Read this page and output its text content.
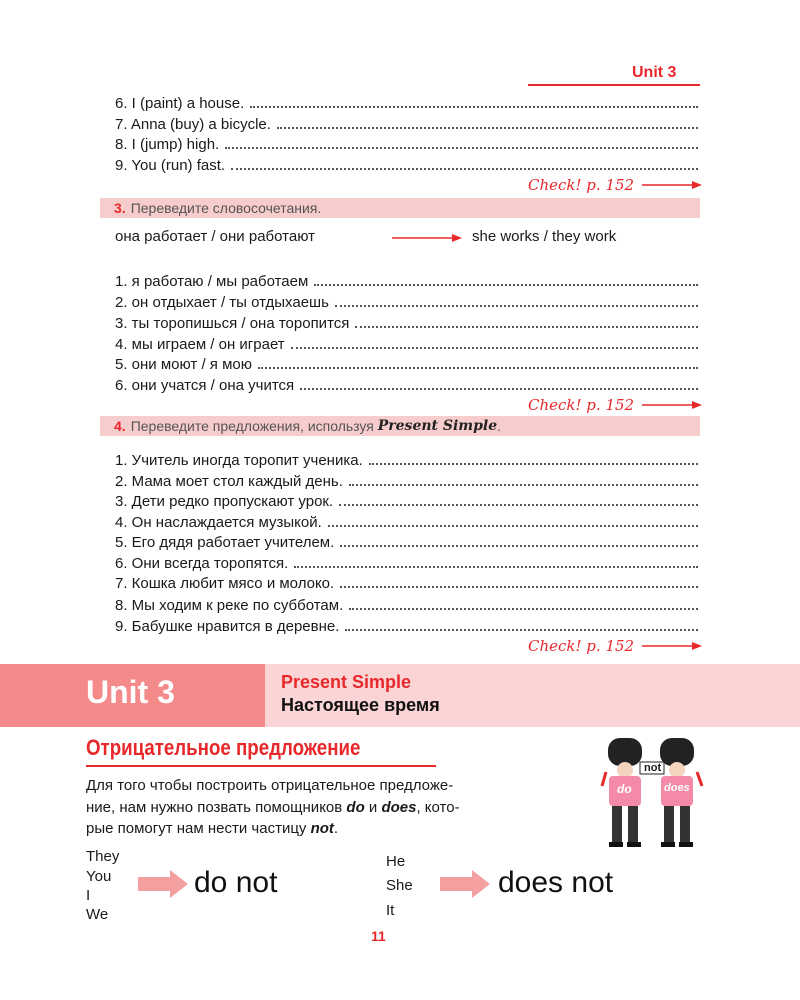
Unit 3
6. I (paint) a house.
7. Anna (buy) a bicycle.
8. I (jump) high.
9. You (run) fast.
Check! p. 152
3. Переведите словосочетания.
она работает / они работают	she works / they work
1. я работаю / мы работаем
2. он отдыхает / ты отдыхаешь
3. ты торопишься / она торопится
4. мы играем / он играет
5. они моют / я мою
6. они учатся / она учится
Check! p. 152
4. Переведите предложения, используя
Present Simple .
1. Учитель иногда торопит ученика.
2. Мама моет стол каждый день.
3. Дети редко пропускают урок.
4. Он наслаждается музыкой.
5. Его дядя работает учителем.
6. Они всегда торопятся.
7. Кошка любит мясо и молоко.
8. Мы ходим к реке по субботам.
9. Бабушке нравится в деревне.
Check! p. 152
Unit 3	Present Simple
Настоящее время
Отрицательное предложение
Для того чтобы построить отрицательное предложе-
ние, нам нужно позвать помощников do и does, кото-
рые помогут нам нести частицу not.
not
do	does
They
You
I
We
do not
He
She
It
does not
11
